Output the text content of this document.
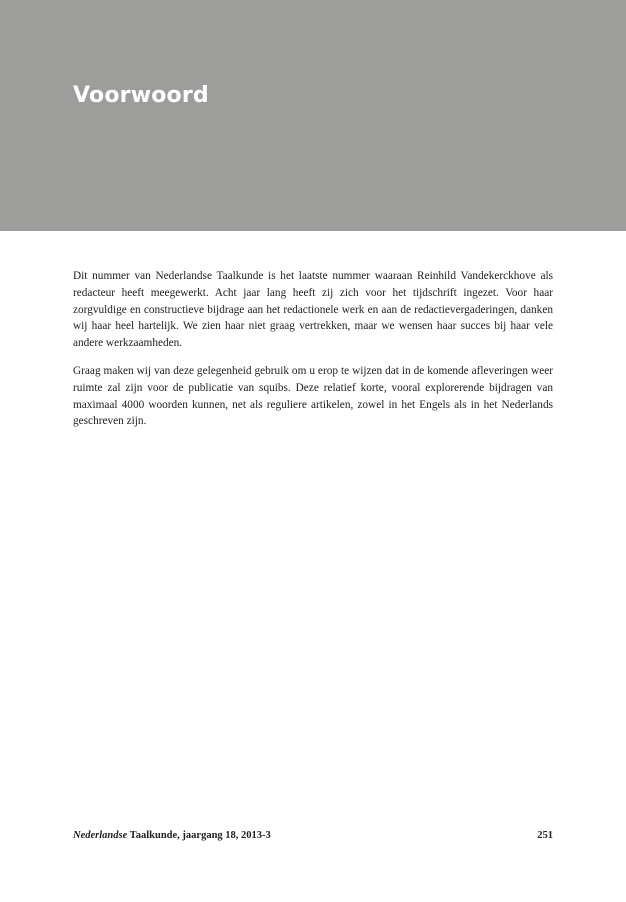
Voorwoord

Dit nummer van Nederlandse Taalkunde is het laatste nummer waaraan Reinhild Vandekerckhove als redacteur heeft meegewerkt. Acht jaar lang heeft zij zich voor het tijdschrift ingezet. Voor haar zorgvuldige en constructieve bijdrage aan het redactionele werk en aan de redactievergaderingen, danken wij haar heel hartelijk. We zien haar niet graag vertrekken, maar we wensen haar succes bij haar vele andere werkzaamheden.

Graag maken wij van deze gelegenheid gebruik om u erop te wijzen dat in de komende afleveringen weer ruimte zal zijn voor de publicatie van squibs. Deze relatief korte, vooral explorerende bijdragen van maximaal 4000 woorden kunnen, net als reguliere artikelen, zowel in het Engels als in het Nederlands geschreven zijn.

Nederlandse Taalkunde, jaargang 18, 2013-3	251
